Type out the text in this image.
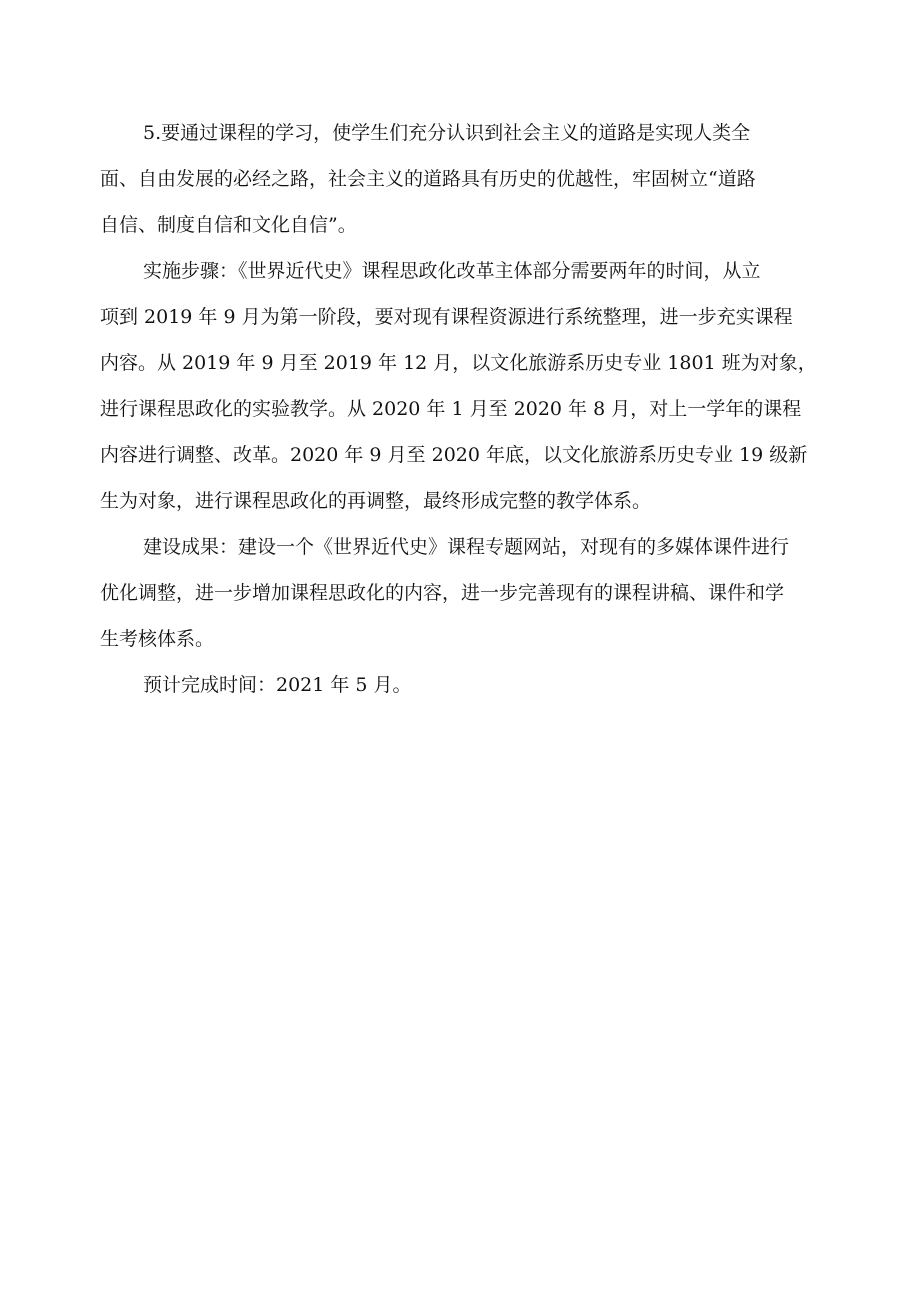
5.要通过课程的学习，使学生们充分认识到社会主义的道路是实现人类全
面、自由发展的必经之路，社会主义的道路具有历史的优越性，牢固树立“道路
自信、制度自信和文化自信”。

实施步骤：《世界近代史》课程思政化改革主体部分需要两年的时间，从立
项到 2019 年 9 月为第一阶段，要对现有课程资源进行系统整理，进一步充实课程
内容。从 2019 年 9 月至 2019 年 12 月，以文化旅游系历史专业 1801 班为对象，
进行课程思政化的实验教学。从 2020 年 1 月至 2020 年 8 月，对上一学年的课程
内容进行调整、改革。2020 年 9 月至 2020 年底，以文化旅游系历史专业 19 级新
生为对象，进行课程思政化的再调整，最终形成完整的教学体系。

建设成果：建设一个《世界近代史》课程专题网站，对现有的多媒体课件进行
优化调整，进一步增加课程思政化的内容，进一步完善现有的课程讲稿、课件和学
生考核体系。

预计完成时间：2021 年 5 月。
